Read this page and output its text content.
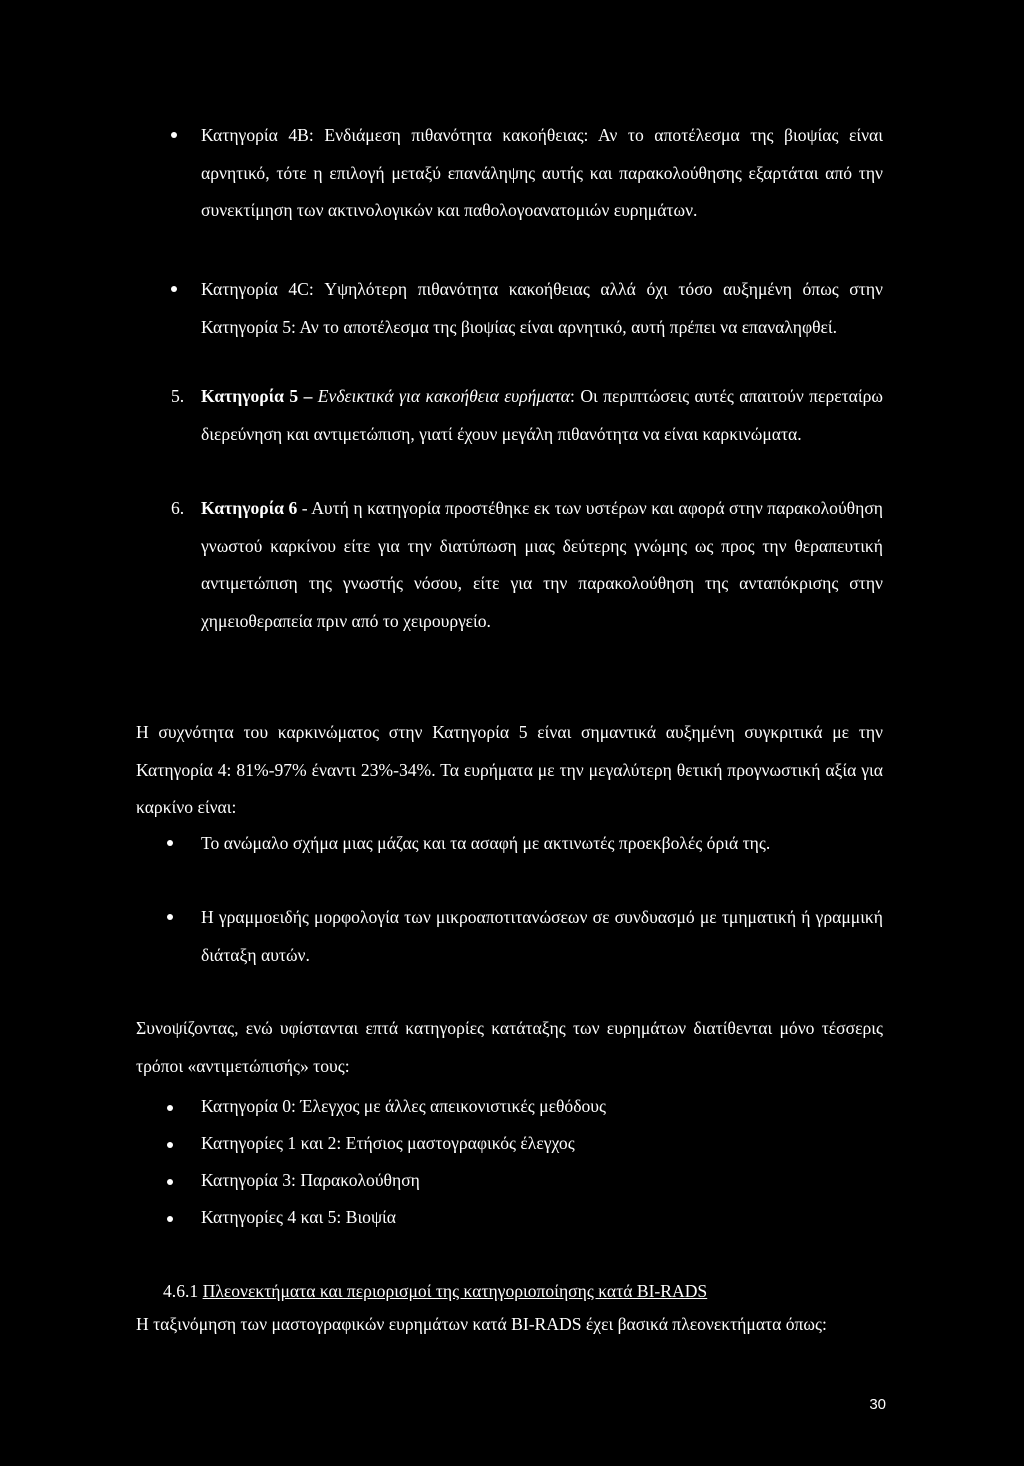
Κατηγορία 4Β: Ενδιάμεση πιθανότητα κακοήθειας: Αν το αποτέλεσμα της βιοψίας είναι αρνητικό, τότε η επιλογή μεταξύ επανάληψης αυτής και παρακολούθησης εξαρτάται από την συνεκτίμηση των ακτινολογικών και παθολογοανατομιών ευρημάτων.

Κατηγορία 4C: Υψηλότερη πιθανότητα κακοήθειας αλλά όχι τόσο αυξημένη όπως στην Κατηγορία 5: Αν το αποτέλεσμα της βιοψίας είναι αρνητικό, αυτή πρέπει να επαναληφθεί.

5. Κατηγορία 5 – Ενδεικτικά για κακοήθεια ευρήματα: Οι περιπτώσεις αυτές απαιτούν περεταίρω διερεύνηση και αντιμετώπιση, γιατί έχουν μεγάλη πιθανότητα να είναι καρκινώματα.

6. Κατηγορία 6 - Αυτή η κατηγορία προστέθηκε εκ των υστέρων και αφορά στην παρακολούθηση γνωστού καρκίνου είτε για την διατύπωση μιας δεύτερης γνώμης ως προς την θεραπευτική αντιμετώπιση της γνωστής νόσου, είτε για την παρακολούθηση της ανταπόκρισης στην χημειοθεραπεία πριν από το χειρουργείο.

Η συχνότητα του καρκινώματος στην Κατηγορία 5 είναι σημαντικά αυξημένη συγκριτικά με την Κατηγορία 4: 81%-97% έναντι 23%-34%. Τα ευρήματα με την μεγαλύτερη θετική προγνωστική αξία για καρκίνο είναι:

Το ανώμαλο σχήμα μιας μάζας και τα ασαφή με ακτινωτές προεκβολές όριά της.

Η γραμμοειδής μορφολογία των μικροαποτιτανώσεων σε συνδυασμό με τμηματική ή γραμμική διάταξη αυτών.

Συνοψίζοντας, ενώ υφίστανται επτά κατηγορίες κατάταξης των ευρημάτων διατίθενται μόνο τέσσερις τρόποι «αντιμετώπισής» τους:

Κατηγορία 0: Έλεγχος με άλλες απεικονιστικές μεθόδους
Κατηγορίες 1 και 2: Ετήσιος μαστογραφικός έλεγχος
Κατηγορία 3: Παρακολούθηση
Κατηγορίες 4 και 5: Βιοψία
4.6.1 Πλεονεκτήματα και περιορισμοί της κατηγοριοποίησης κατά BI-RADS

Η ταξινόμηση των μαστογραφικών ευρημάτων κατά BI-RADS έχει βασικά πλεονεκτήματα όπως:

30
